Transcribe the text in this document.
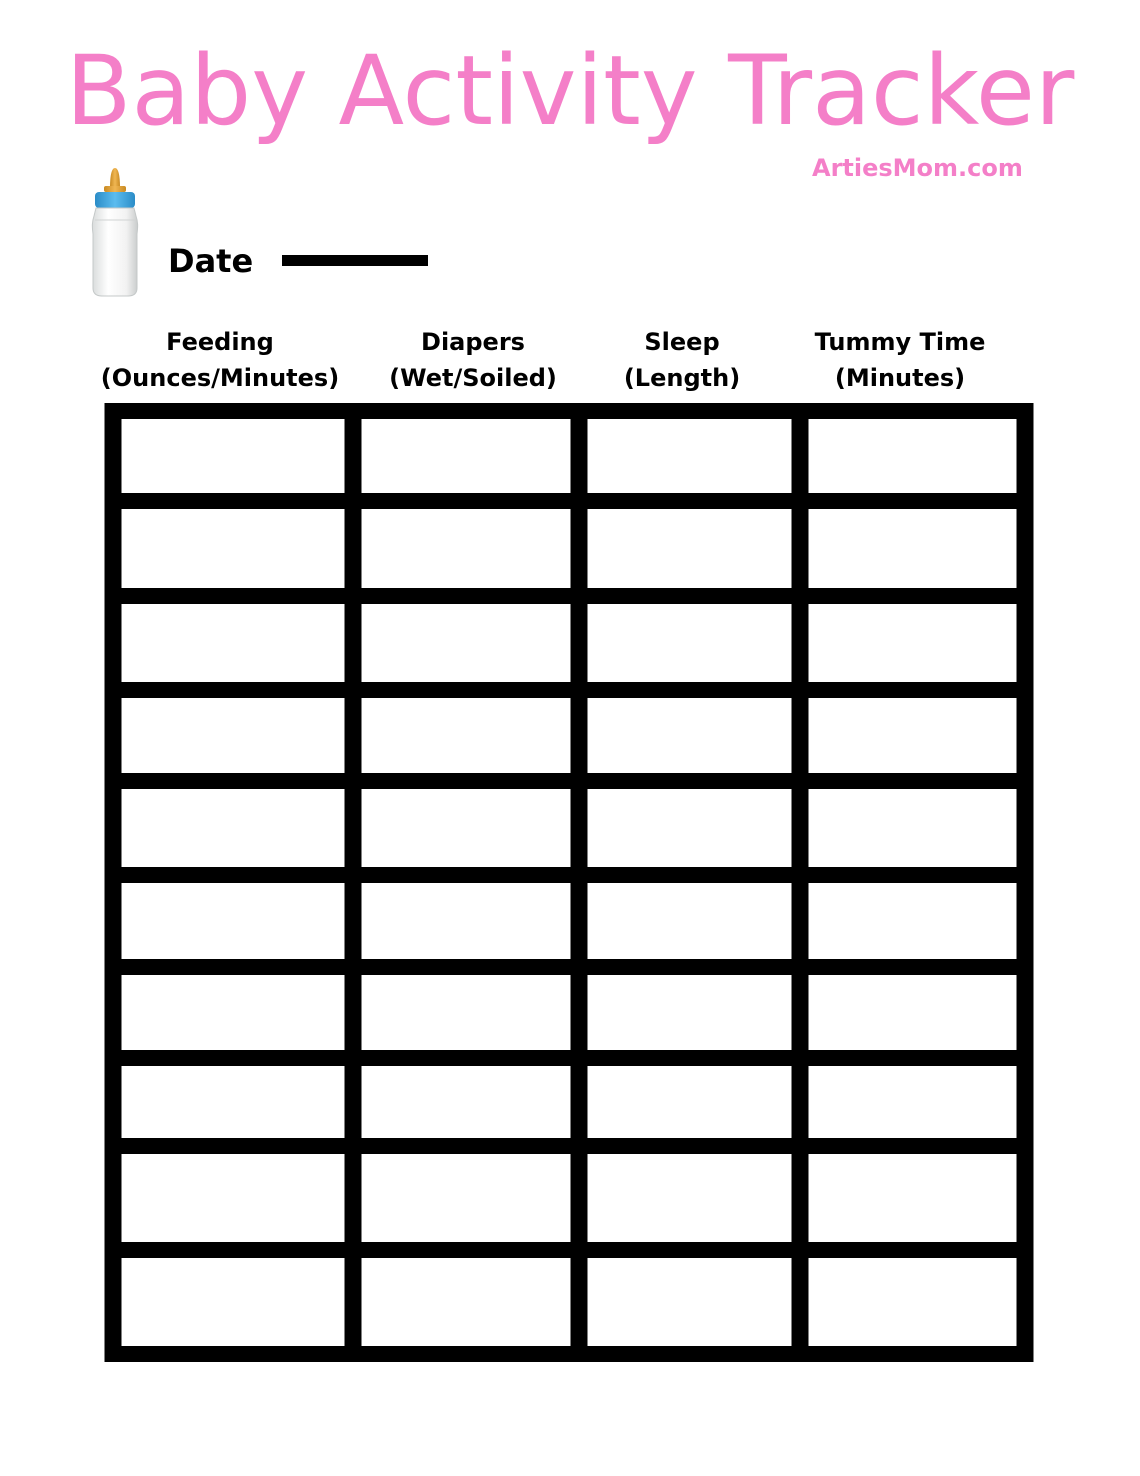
Baby Activity Tracker
ArtiesMom.com
Date
Feeding
(Ounces/Minutes)
Diapers
(Wet/Soiled)
Sleep
(Length)
Tummy Time
(Minutes)
